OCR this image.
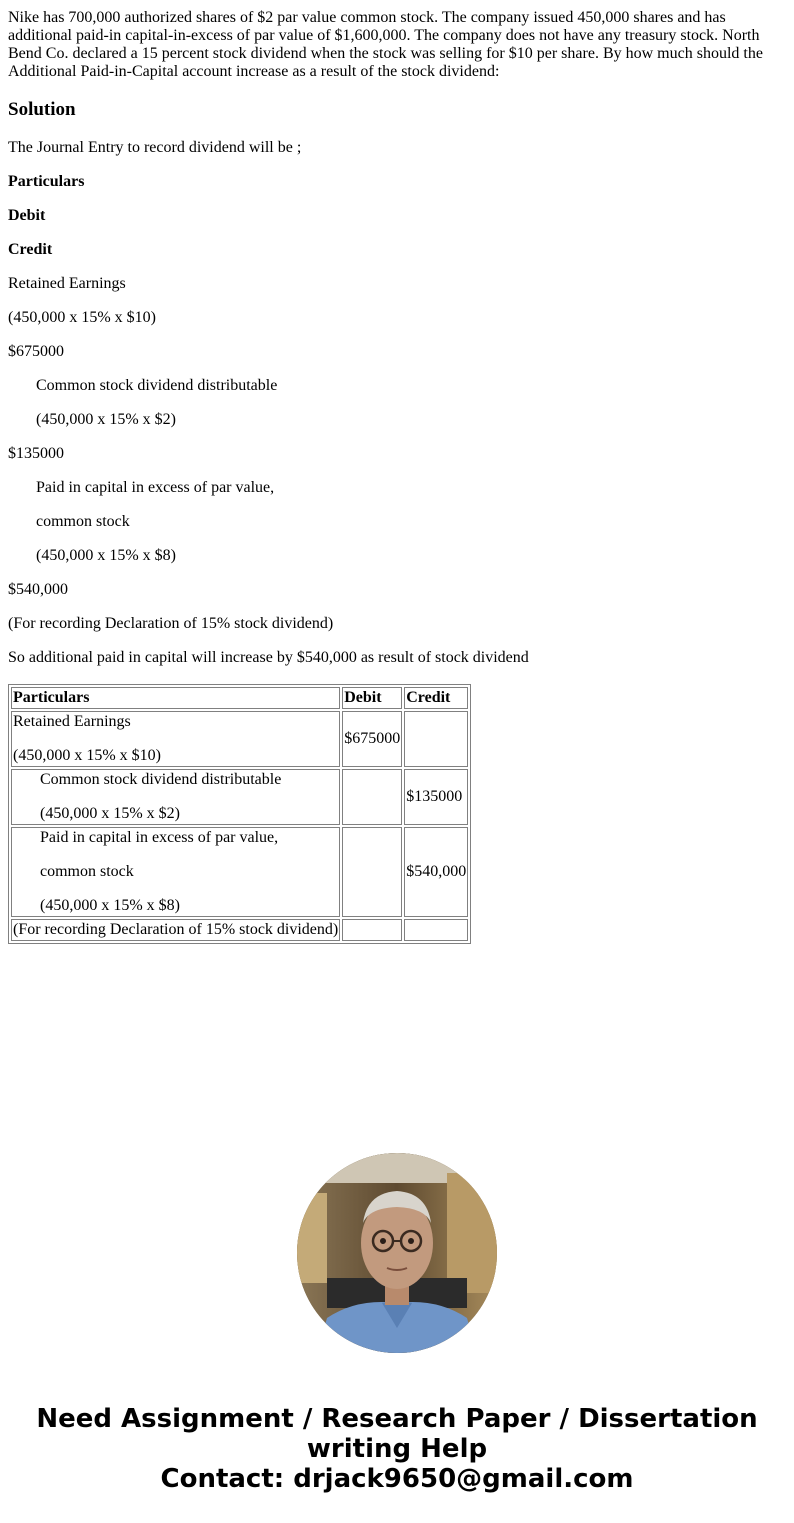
Nike has 700,000 authorized shares of $2 par value common stock. The company issued 450,000 shares and has additional paid-in capital-in-excess of par value of $1,600,000. The company does not have any treasury stock. North Bend Co. declared a 15 percent stock dividend when the stock was selling for $10 per share. By how much should the Additional Paid-in-Capital account increase as a result of the stock dividend:

Solution

The Journal Entry to record dividend will be ;

Particulars

Debit

Credit

Retained Earnings

(450,000 x 15% x $10)

$675000

Common stock dividend distributable

(450,000 x 15% x $2)

$135000

Paid in capital in excess of par value,

common stock

(450,000 x 15% x $8)

$540,000

(For recording Declaration of 15% stock dividend)

So additional paid in capital will increase by $540,000 as result of stock dividend

Particulars	Debit	Credit

Retained Earnings

(450,000 x 15% x $10)	$675000	

Common stock dividend distributable

(450,000 x 15% x $2)		$135000

Paid in capital in excess of par value,

common stock

(450,000 x 15% x $8)		$540,000
(For recording Declaration of 15% stock dividend)		
Need Assignment / Research Paper / Dissertation
writing Help
Contact: drjack9650@gmail.com
